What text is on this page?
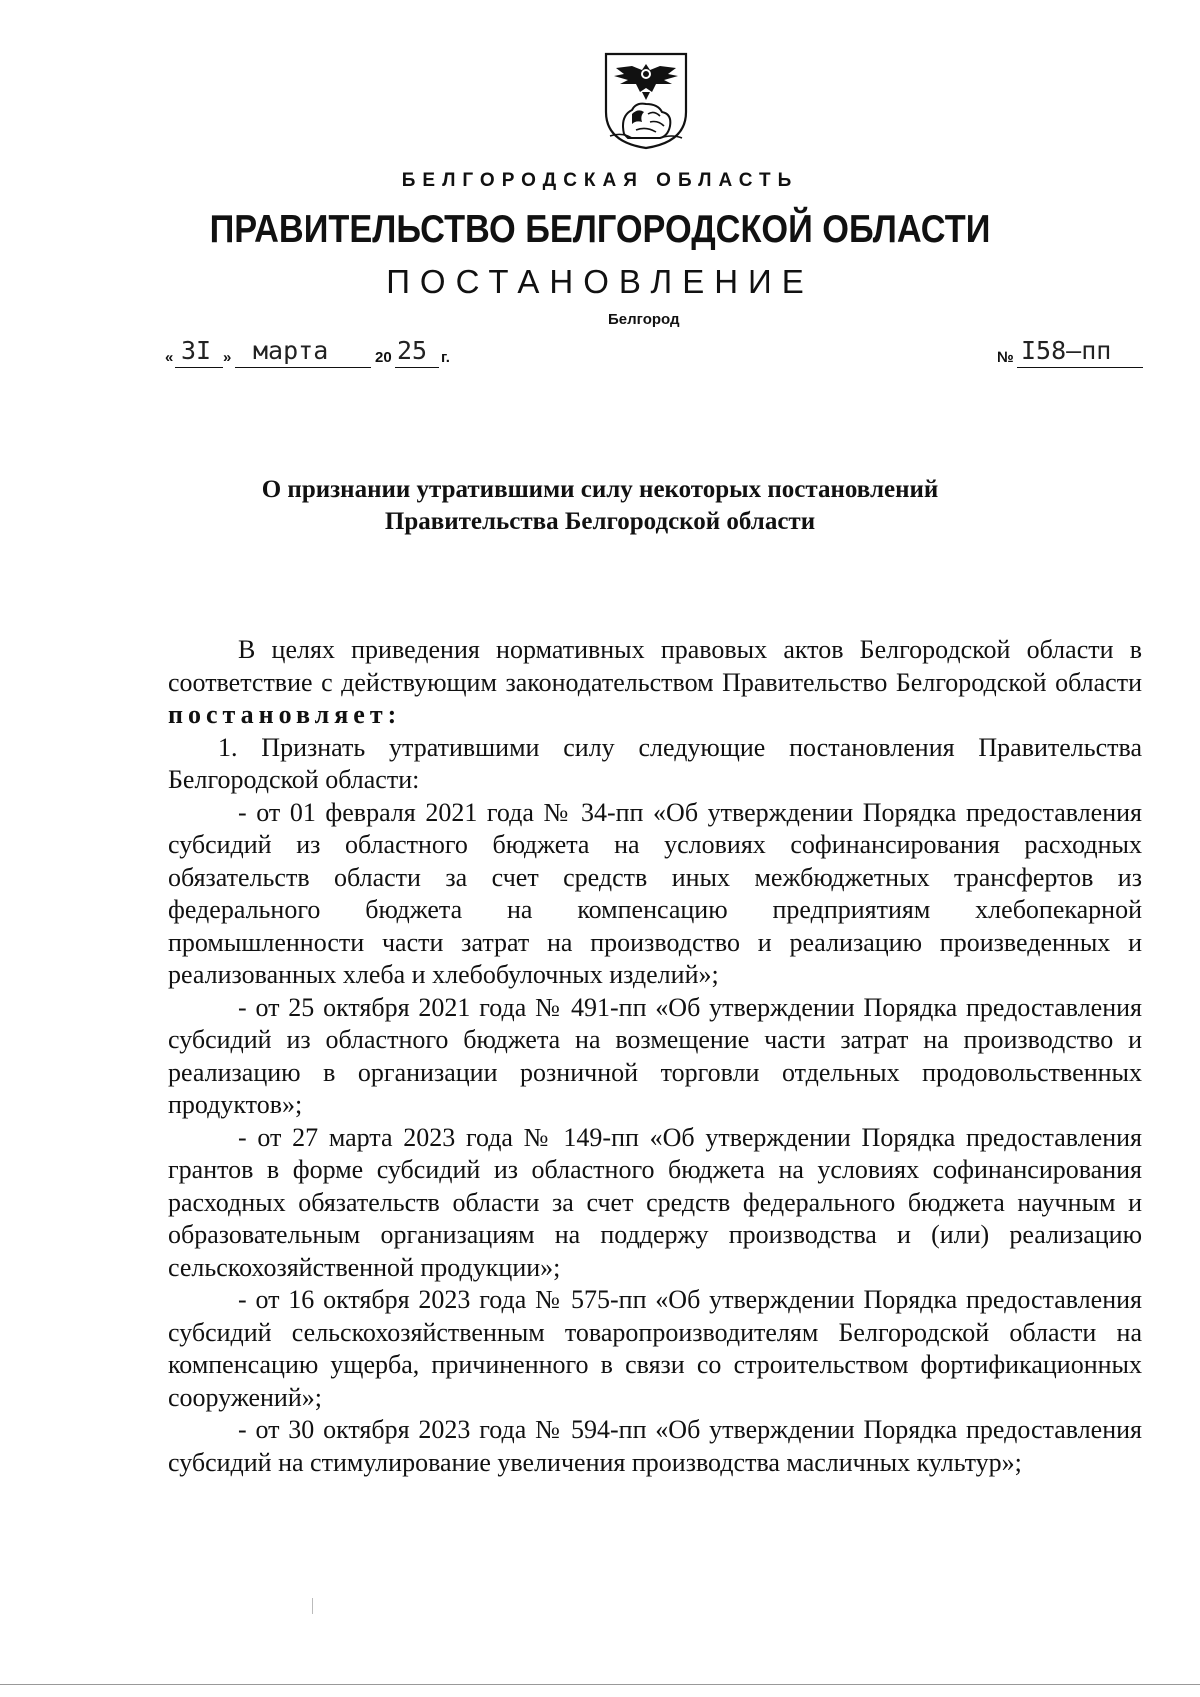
БЕЛГОРОДСКАЯ ОБЛАСТЬ
ПРАВИТЕЛЬСТВО БЕЛГОРОДСКОЙ ОБЛАСТИ
ПОСТАНОВЛЕНИЕ
Белгород
« 3I » марта	20 25 г.	№ I58–пп
О признании утратившими силу некоторых постановлений
Правительства Белгородской области

В целях приведения нормативных правовых актов Белгородской области в соответствие с действующим законодательством Правительство Белгородской области постановляет:

1. Признать утратившими силу следующие постановления Правительства Белгородской области:

- от 01 февраля 2021 года № 34-пп «Об утверждении Порядка предоставления субсидий из областного бюджета на условиях софинансирования расходных обязательств области за счет средств иных межбюджетных трансфертов из федерального бюджета на компенсацию предприятиям хлебопекарной промышленности части затрат на производство и реализацию произведенных и реализованных хлеба и хлебобулочных изделий»;

- от 25 октября 2021 года № 491-пп «Об утверждении Порядка предоставления субсидий из областного бюджета на возмещение части затрат на производство и реализацию в организации розничной торговли отдельных продовольственных продуктов»;

- от 27 марта 2023 года № 149-пп «Об утверждении Порядка предоставления грантов в форме субсидий из областного бюджета на условиях софинансирования расходных обязательств области за счет средств федерального бюджета научным и образовательным организациям на поддержу производства и (или) реализацию сельскохозяйственной продукции»;

- от 16 октября 2023 года № 575-пп «Об утверждении Порядка предоставления субсидий сельскохозяйственным товаропроизводителям Белгородской области на компенсацию ущерба, причиненного в связи со строительством фортификационных сооружений»;

- от 30 октября 2023 года № 594-пп «Об утверждении Порядка предоставления субсидий на стимулирование увеличения производства масличных культур»;
